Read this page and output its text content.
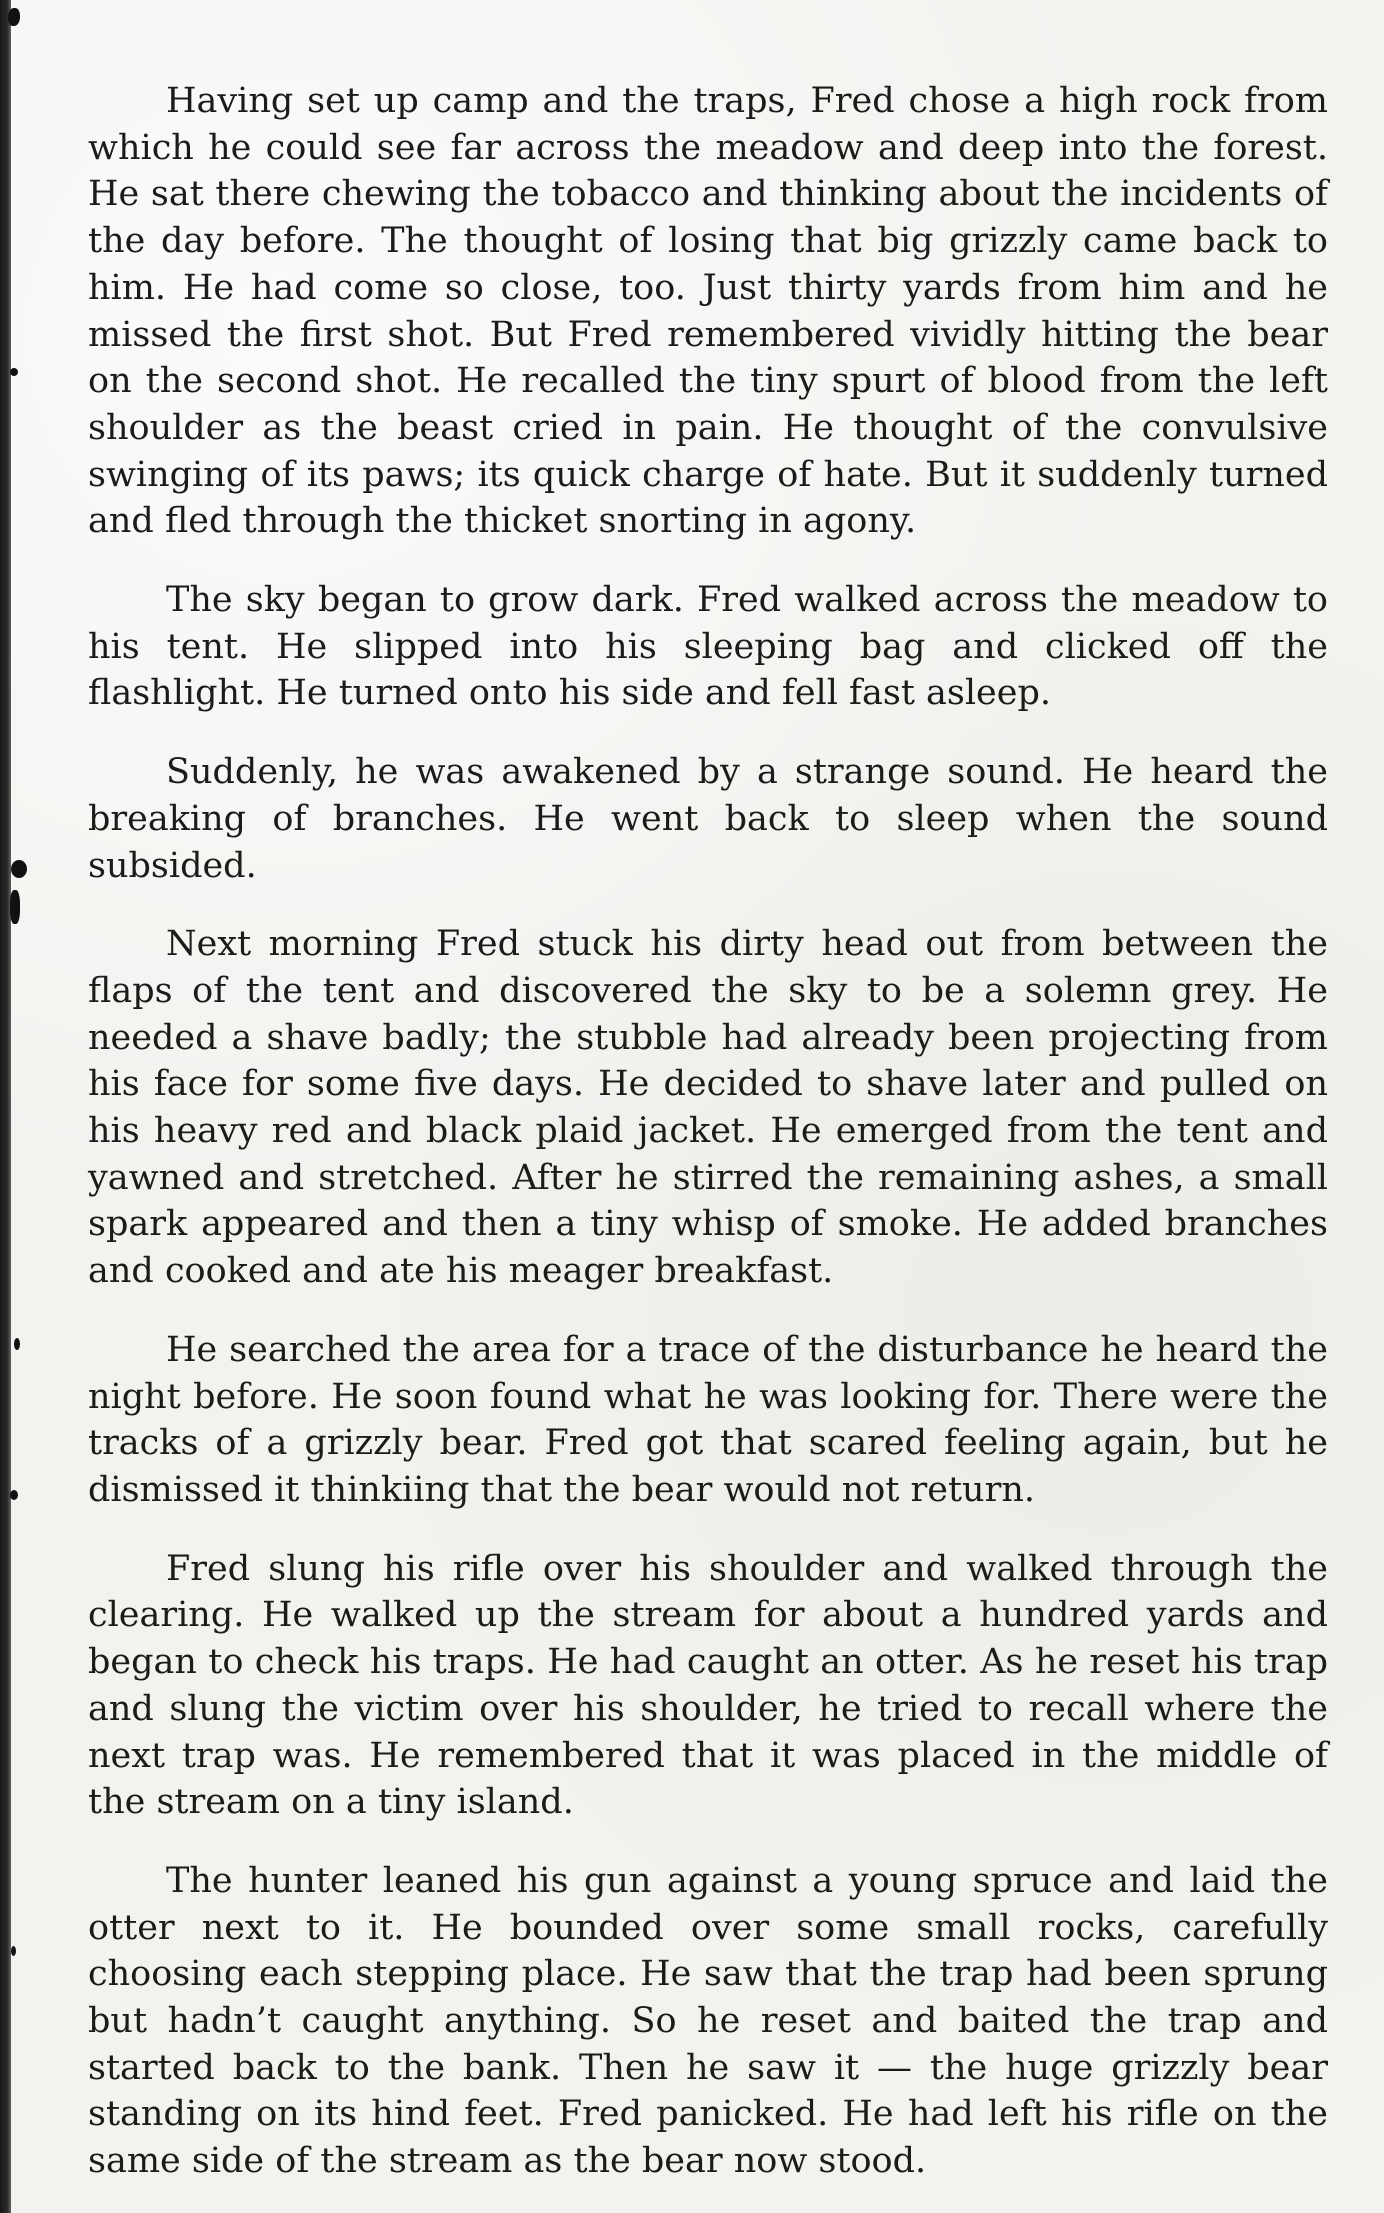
Having set up camp and the traps, Fred chose a high rock from which he could see far across the meadow and deep into the forest. He sat there chewing the tobacco and thinking about the incidents of the day before. The thought of losing that big grizzly came back to him. He had come so close, too. Just thirty yards from him and he missed the first shot. But Fred remembered vividly hitting the bear on the second shot. He recalled the tiny spurt of blood from the left shoulder as the beast cried in pain. He thought of the convulsive swinging of its paws; its quick charge of hate. But it suddenly turned and fled through the thicket snorting in agony.

The sky began to grow dark. Fred walked across the meadow to his tent. He slipped into his sleeping bag and clicked off the flashlight. He turned onto his side and fell fast asleep.

Suddenly, he was awakened by a strange sound. He heard the breaking of branches. He went back to sleep when the sound subsided.

Next morning Fred stuck his dirty head out from between the flaps of the tent and discovered the sky to be a solemn grey. He needed a shave badly; the stubble had already been projecting from his face for some five days. He decided to shave later and pulled on his heavy red and black plaid jacket. He emerged from the tent and yawned and stretched. After he stirred the remaining ashes, a small spark appeared and then a tiny whisp of smoke. He added branches and cooked and ate his meager breakfast.

He searched the area for a trace of the disturbance he heard the night before. He soon found what he was looking for. There were the tracks of a grizzly bear. Fred got that scared feeling again, but he dismissed it thinkiing that the bear would not return.

Fred slung his rifle over his shoulder and walked through the clearing. He walked up the stream for about a hundred yards and began to check his traps. He had caught an otter. As he reset his trap and slung the victim over his shoulder, he tried to recall where the next trap was. He remembered that it was placed in the middle of the stream on a tiny island.

The hunter leaned his gun against a young spruce and laid the otter next to it. He bounded over some small rocks, carefully choosing each stepping place. He saw that the trap had been sprung but hadn’t caught anything. So he reset and baited the trap and started back to the bank. Then he saw it — the huge grizzly bear standing on its hind feet. Fred panicked. He had left his rifle on the same side of the stream as the bear now stood.
